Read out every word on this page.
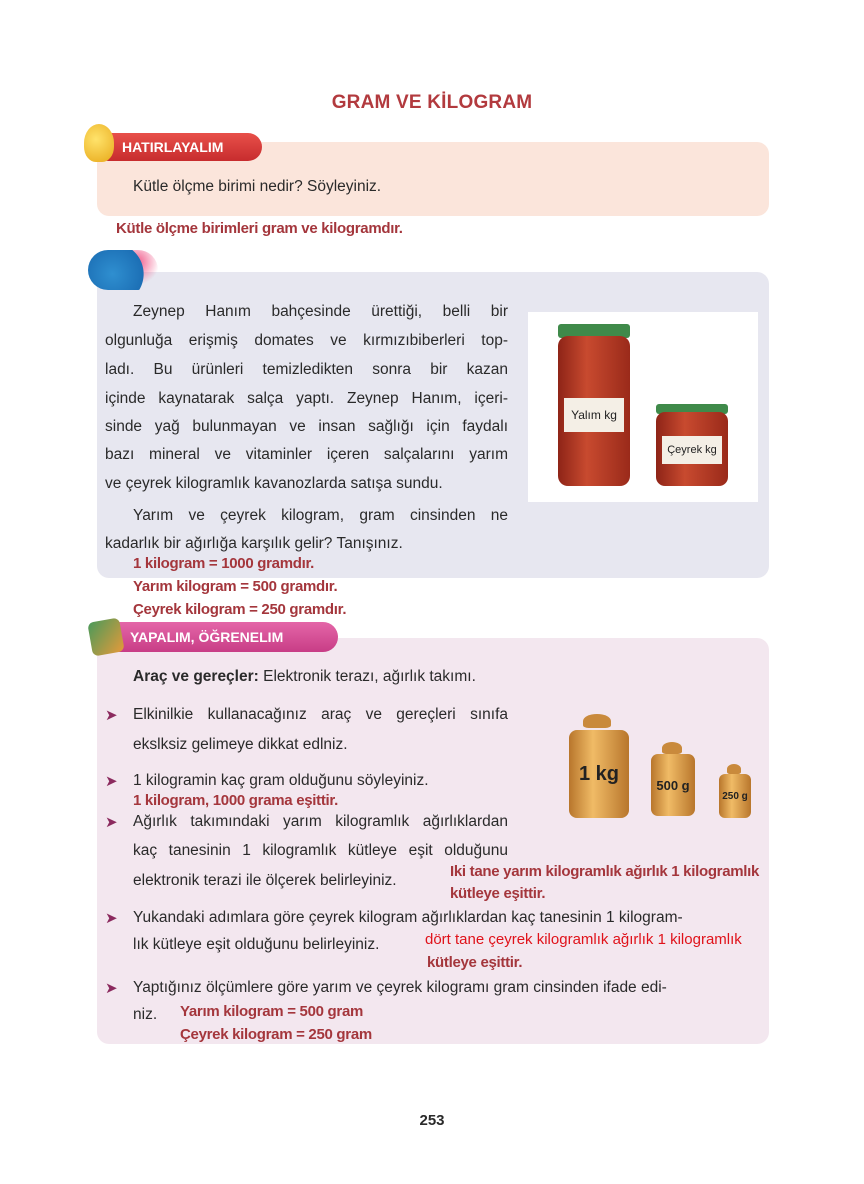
GRAM VE KİLOGRAM
HATIRLAYALIM
Kütle ölçme birimi nedir? Söyleyiniz.
Kütle ölçme birimleri gram ve kilogramdır.
Zeynep Hanım bahçesinde ürettiği, belli bir
olgunluğa erişmiş domates ve kırmızıbiberleri top-
ladı. Bu ürünleri temizledikten sonra bir kazan
içinde kaynatarak salça yaptı. Zeynep Hanım, içeri-
sinde yağ bulunmayan ve insan sağlığı için faydalı
bazı mineral ve vitaminler içeren salçalarını yarım
ve çeyrek kilogramlık kavanozlarda satışa sundu.
Yarım ve çeyrek kilogram, gram cinsinden ne
kadarlık bir ağırlığa karşılık gelir? Tanışınız.
Yalım kg
Çeyrek kg
1 kilogram = 1000 gramdır.
Yarım kilogram = 500 gramdır.
Çeyrek kilogram = 250 gramdır.
YAPALIM, ÖĞRENELIM
Araç ve gereçler: Elektronik terazı, ağırlık takımı.
➤ Elkinilkie kullanacağınız araç ve gereçleri sınıfa
ekslksiz gelimeye dikkat edlniz.
➤ 1 kilogramin kaç gram olduğunu söyleyiniz.
1 kilogram, 1000 grama eşittir.
➤ Ağırlık takımındaki yarım kilogramlık ağırlıklardan
kaç tanesinin 1 kilogramlık kütleye eşit olduğunu
elektronik terazi ile ölçerek belirleyiniz.
Iki tane yarım kilogramlık ağırlık 1 kilogramlık
kütleye eşittir.
➤ Yukandaki adımlara göre çeyrek kilogram ağırlıklardan kaç tanesinin 1 kilogram-
lık kütleye eşit olduğunu belirleyiniz.	dört tane çeyrek kilogramlık ağırlık 1 kilogramlık
kütleye eşittir.
➤ Yaptığınız ölçümlere göre yarım ve çeyrek kilogramı gram cinsinden ifade edi-
niz. Yarım kilogram = 500 gram
Çeyrek kilogram = 250 gram
1 kg
500 g
250 g
253
